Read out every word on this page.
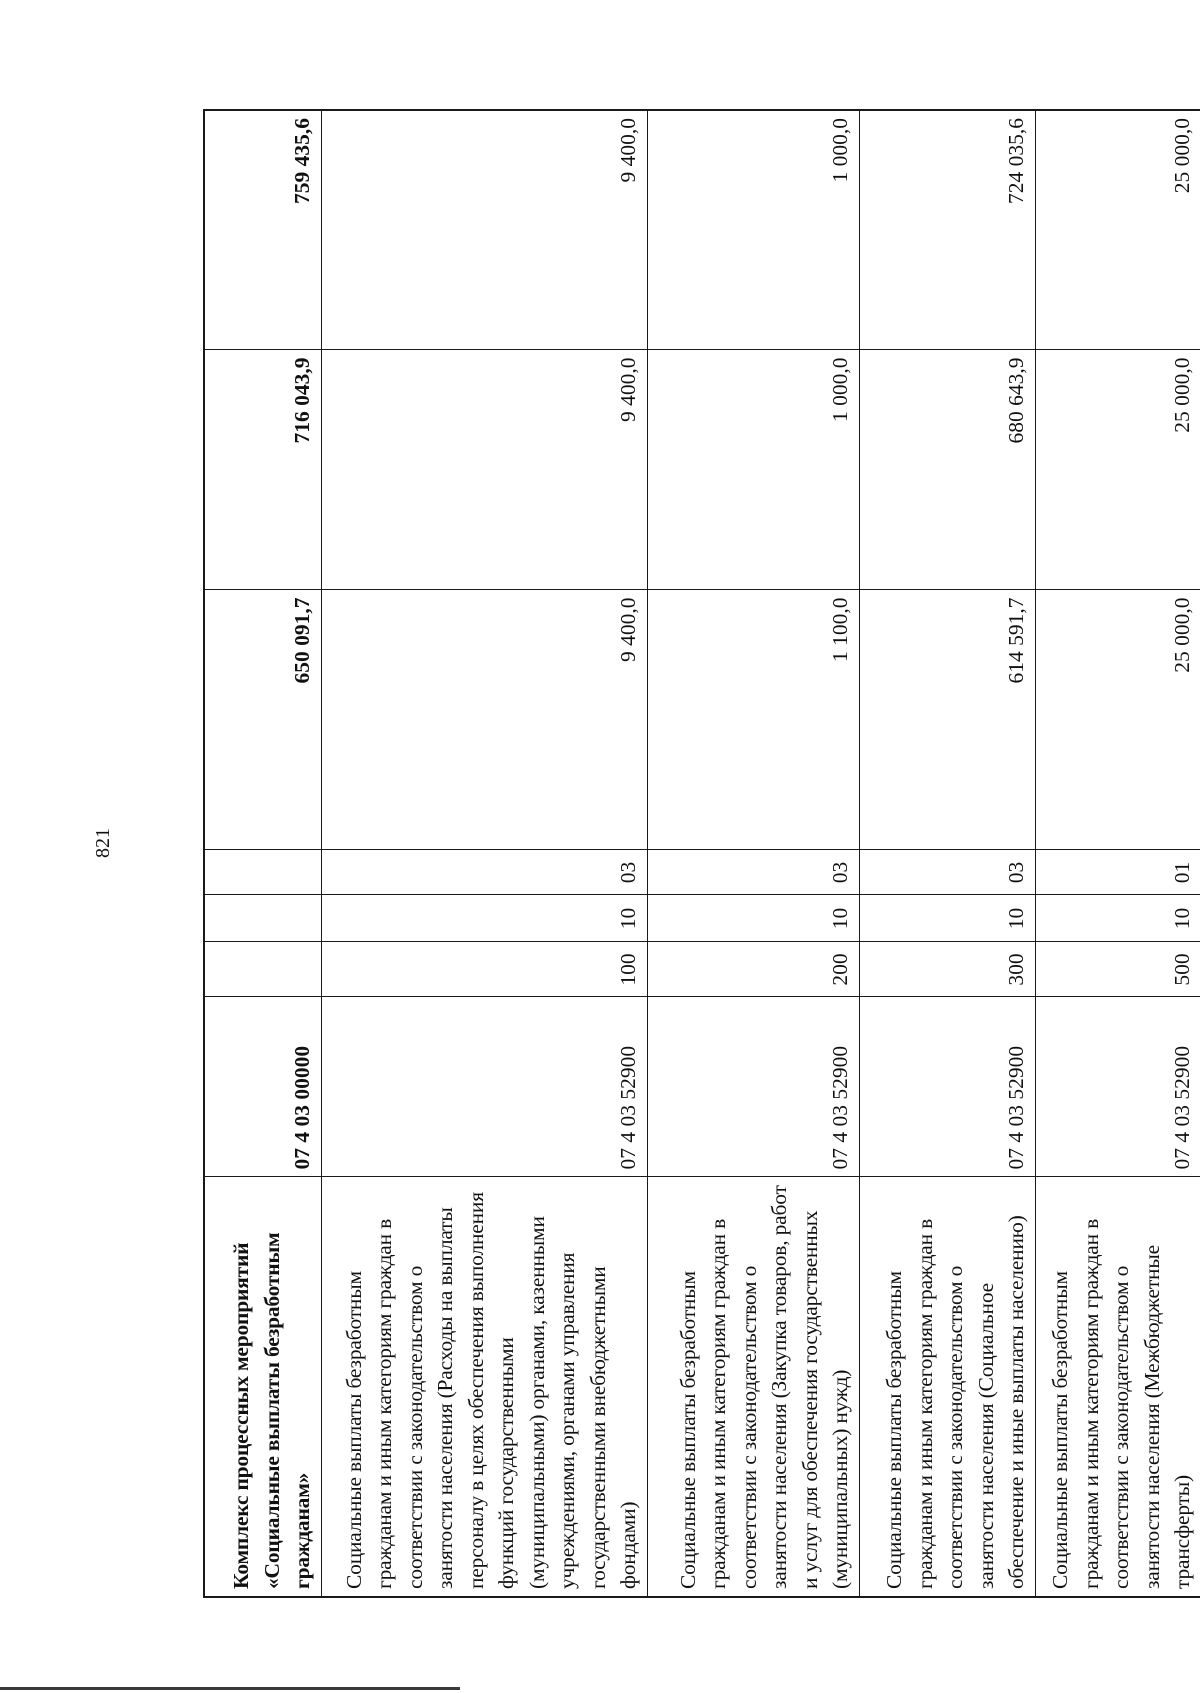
821
Комплекс процессных мероприятий «Социальные выплаты безработным гражданам»	07 4 03 00000				650 091,7	716 043,9	759 435,6
Социальные выплаты безработным гражданам и иным категориям граждан в соответствии с законодательством о занятости населения (Расходы на выплаты персоналу в целях обеспечения выполнения функций государственными (муниципальными) органами, казенными учреждениями, органами управления государственными внебюджетными фондами)	07 4 03 52900	100	10	03	9 400,0	9 400,0	9 400,0
Социальные выплаты безработным гражданам и иным категориям граждан в соответствии с законодательством о занятости населения (Закупка товаров, работ и услуг для обеспечения государственных (муниципальных) нужд)	07 4 03 52900	200	10	03	1 100,0	1 000,0	1 000,0
Социальные выплаты безработным гражданам и иным категориям граждан в соответствии с законодательством о занятости населения (Социальное обеспечение и иные выплаты населению)	07 4 03 52900	300	10	03	614 591,7	680 643,9	724 035,6
Социальные выплаты безработным гражданам и иным категориям граждан в соответствии с законодательством о занятости населения (Межбюджетные трансферты)	07 4 03 52900	500	10	01	25 000,0	25 000,0	25 000,0
